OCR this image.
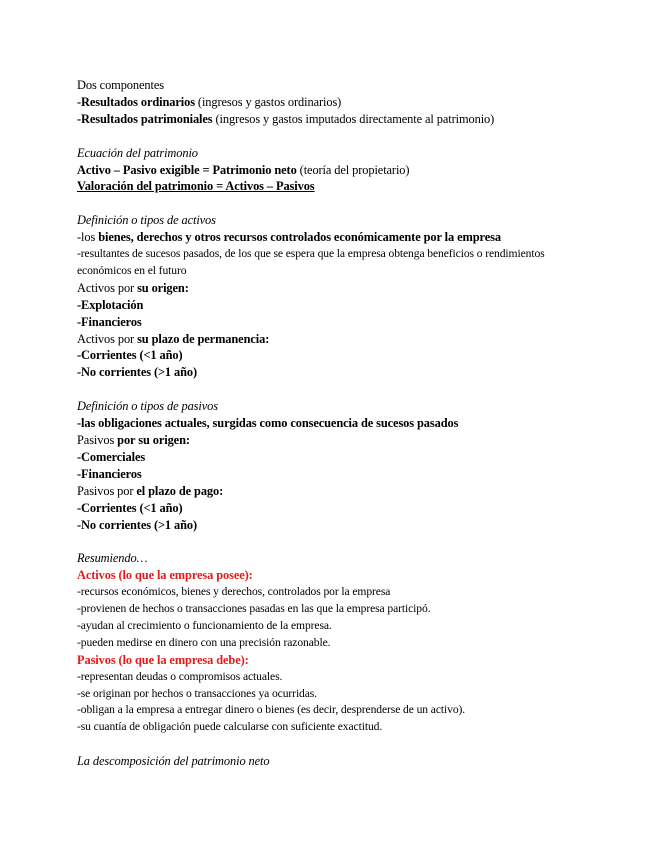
Dos componentes
-Resultados ordinarios (ingresos y gastos ordinarios)
-Resultados patrimoniales (ingresos y gastos imputados directamente al patrimonio)
Ecuación del patrimonio
Activo – Pasivo exigible = Patrimonio neto (teoría del propietario)
Valoración del patrimonio = Activos – Pasivos
Definición o tipos de activos
-los bienes, derechos y otros recursos controlados económicamente por la empresa
-resultantes de sucesos pasados, de los que se espera que la empresa obtenga beneficios o rendimientos económicos en el futuro
Activos por su origen:
-Explotación
-Financieros
Activos por su plazo de permanencia:
-Corrientes (<1 año)
-No corrientes (>1 año)
Definición o tipos de pasivos
-las obligaciones actuales, surgidas como consecuencia de sucesos pasados
Pasivos por su origen:
-Comerciales
-Financieros
Pasivos por el plazo de pago:
-Corrientes (<1 año)
-No corrientes (>1 año)
Resumiendo…
Activos (lo que la empresa posee):
-recursos económicos, bienes y derechos, controlados por la empresa
-provienen de hechos o transacciones pasadas en las que la empresa participó.
-ayudan al crecimiento o funcionamiento de la empresa.
-pueden medirse en dinero con una precisión razonable.
Pasivos (lo que la empresa debe):
-representan deudas o compromisos actuales.
-se originan por hechos o transacciones ya ocurridas.
-obligan a la empresa a entregar dinero o bienes (es decir, desprenderse de un activo).
-su cuantía de obligación puede calcularse con suficiente exactitud.
La descomposición del patrimonio neto
